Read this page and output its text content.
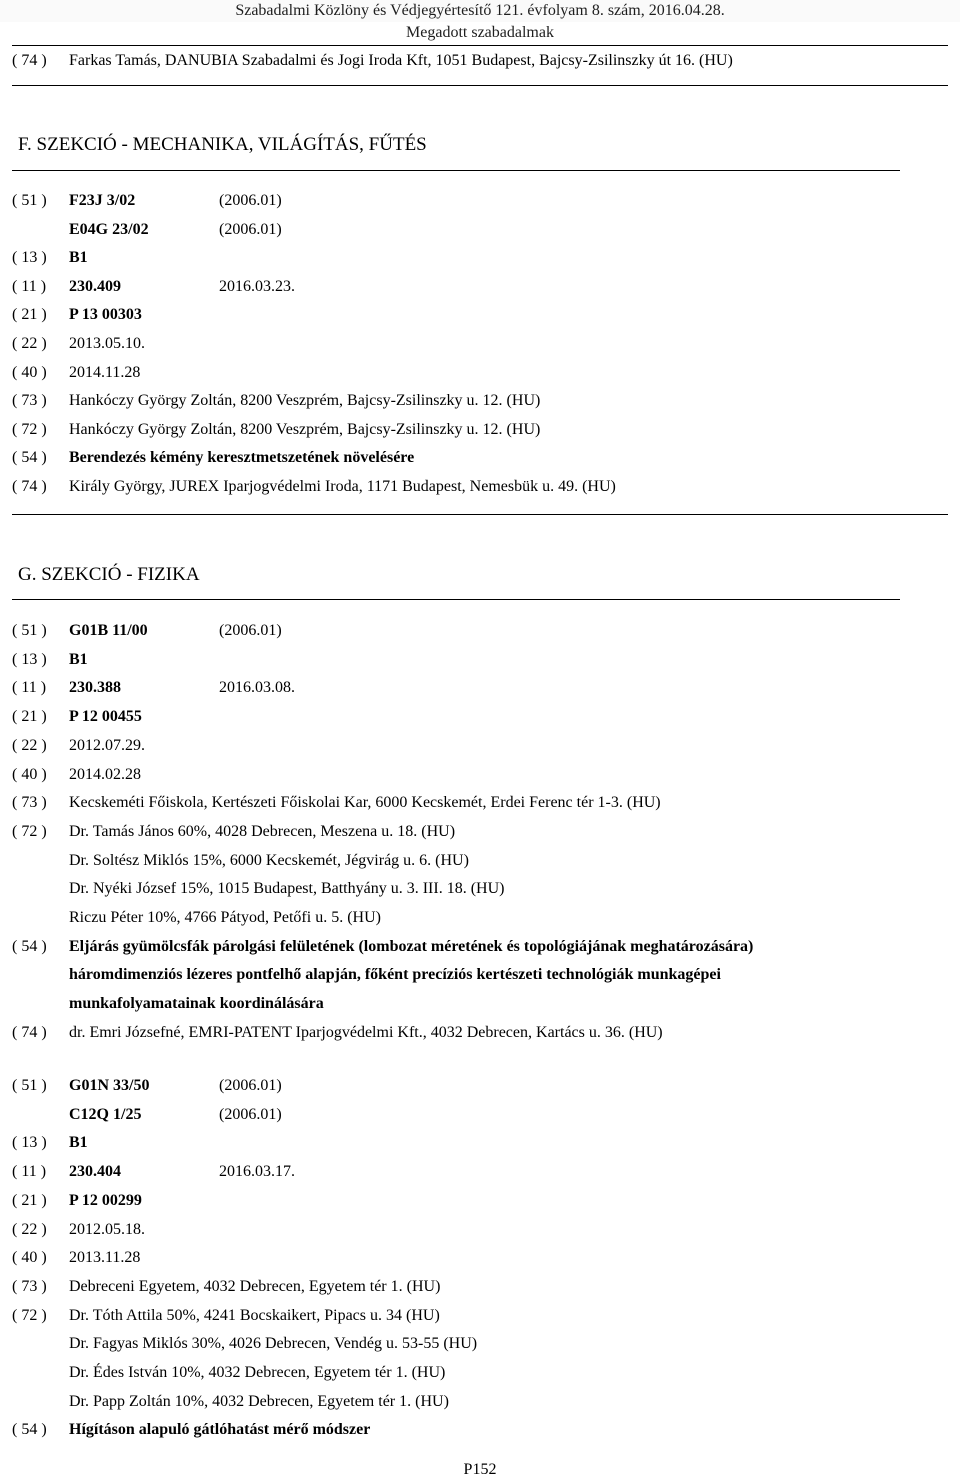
Szabadalmi Közlöny és Védjegyértesítő 121. évfolyam 8. szám, 2016.04.28.
Megadott szabadalmak
( 74 ) Farkas Tamás, DANUBIA Szabadalmi és Jogi Iroda Kft, 1051 Budapest, Bajcsy-Zsilinszky út 16. (HU)
F. SZEKCIÓ - MECHANIKA, VILÁGÍTÁS, FŰTÉS
( 51 ) F23J 3/02	(2006.01)
E04G 23/02	(2006.01)
( 13 ) B1
( 11 ) 230.409	2016.03.23.
( 21 ) P 13 00303
( 22 ) 2013.05.10.
( 40 ) 2014.11.28
( 73 ) Hankóczy György Zoltán, 8200 Veszprém, Bajcsy-Zsilinszky u. 12. (HU)
( 72 ) Hankóczy György Zoltán, 8200 Veszprém, Bajcsy-Zsilinszky u. 12. (HU)
( 54 ) Berendezés kémény keresztmetszetének növelésére
( 74 ) Király György, JUREX Iparjogvédelmi Iroda, 1171 Budapest, Nemesbük u. 49. (HU)
G. SZEKCIÓ - FIZIKA
( 51 ) G01B 11/00	(2006.01)
( 13 ) B1
( 11 ) 230.388	2016.03.08.
( 21 ) P 12 00455
( 22 ) 2012.07.29.
( 40 ) 2014.02.28
( 73 ) Kecskeméti Főiskola, Kertészeti Főiskolai Kar, 6000 Kecskemét, Erdei Ferenc tér 1-3. (HU)
( 72 ) Dr. Tamás János 60%, 4028 Debrecen, Meszena u. 18. (HU)
Dr. Soltész Miklós 15%, 6000 Kecskemét, Jégvirág u. 6. (HU)
Dr. Nyéki József 15%, 1015 Budapest, Batthyány u. 3. III. 18. (HU)
Riczu Péter 10%, 4766 Pátyod, Petőfi u. 5. (HU)
( 54 ) Eljárás gyümölcsfák párolgási felületének (lombozat méretének és topológiájának meghatározására)
háromdimenziós lézeres pontfelhő alapján, főként precíziós kertészeti technológiák munkagépei
munkafolyamatainak koordinálására
( 74 ) dr. Emri Józsefné, EMRI-PATENT Iparjogvédelmi Kft., 4032 Debrecen, Kartács u. 36. (HU)
( 51 ) G01N 33/50	(2006.01)
C12Q 1/25	(2006.01)
( 13 ) B1
( 11 ) 230.404	2016.03.17.
( 21 ) P 12 00299
( 22 ) 2012.05.18.
( 40 ) 2013.11.28
( 73 ) Debreceni Egyetem, 4032 Debrecen, Egyetem tér 1. (HU)
( 72 ) Dr. Tóth Attila 50%, 4241 Bocskaikert, Pipacs u. 34 (HU)
Dr. Fagyas Miklós 30%, 4026 Debrecen, Vendég u. 53-55 (HU)
Dr. Édes István 10%, 4032 Debrecen, Egyetem tér 1. (HU)
Dr. Papp Zoltán 10%, 4032 Debrecen, Egyetem tér 1. (HU)
( 54 ) Hígításon alapuló gátlóhatást mérő módszer
P152
